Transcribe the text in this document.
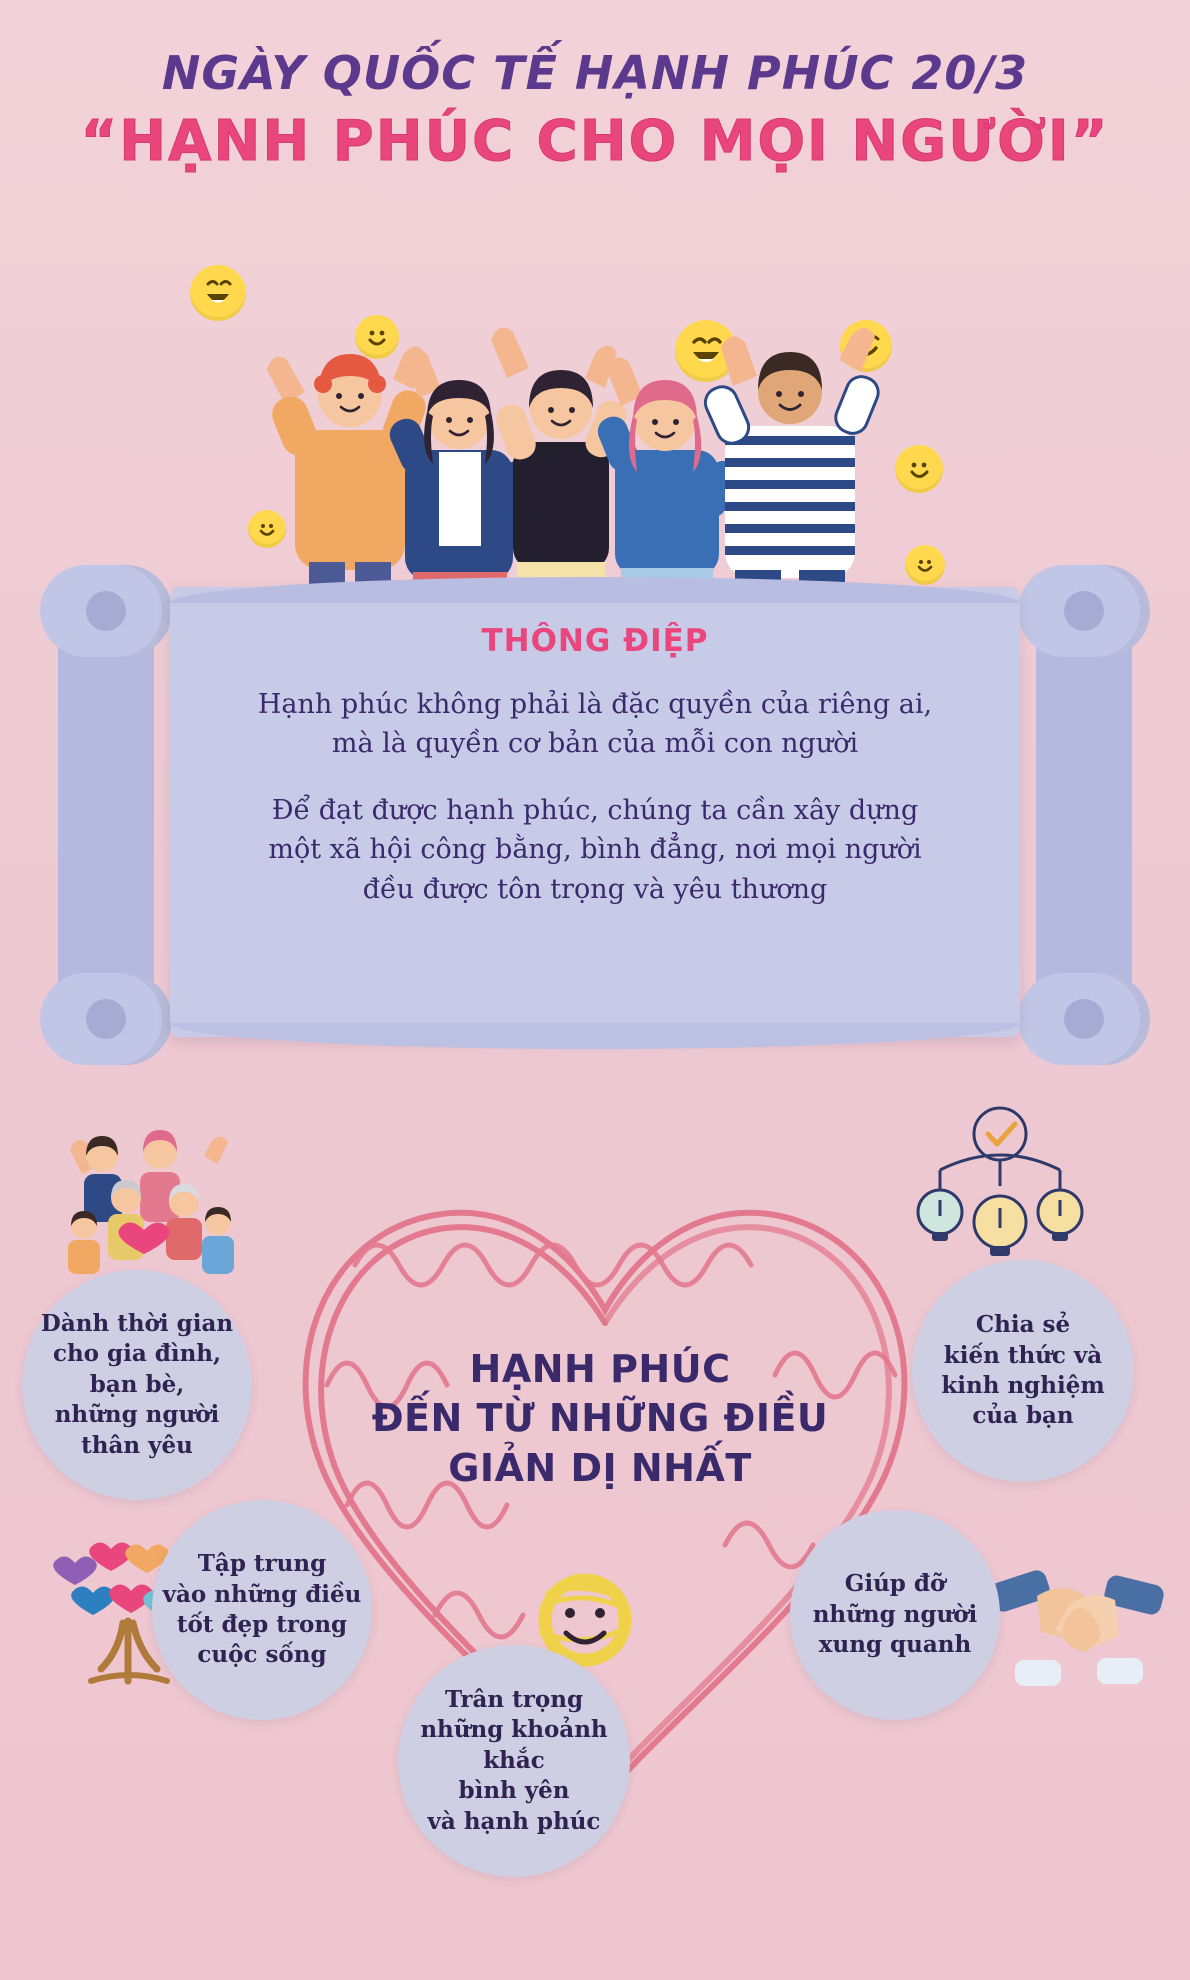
NGÀY QUỐC TẾ HẠNH PHÚC 20/3
“HẠNH PHÚC CHO MỌI NGƯỜI”
THÔNG ĐIỆP

Hạnh phúc không phải là đặc quyền của riêng ai,
mà là quyền cơ bản của mỗi con người

Để đạt được hạnh phúc, chúng ta cần xây dựng
một xã hội công bằng, bình đẳng, nơi mọi người
đều được tôn trọng và yêu thương

HẠNH PHÚC
ĐẾN TỪ NHỮNG ĐIỀU
GIẢN DỊ NHẤT
Dành thời gian
cho gia đình, bạn bè,
những người
thân yêu
Chia sẻ
kiến thức và
kinh nghiệm
của bạn
Tập trung
vào những điều
tốt đẹp trong
cuộc sống
Giúp đỡ
những người
xung quanh
Trân trọng
những khoảnh khắc
bình yên
và hạnh phúc
